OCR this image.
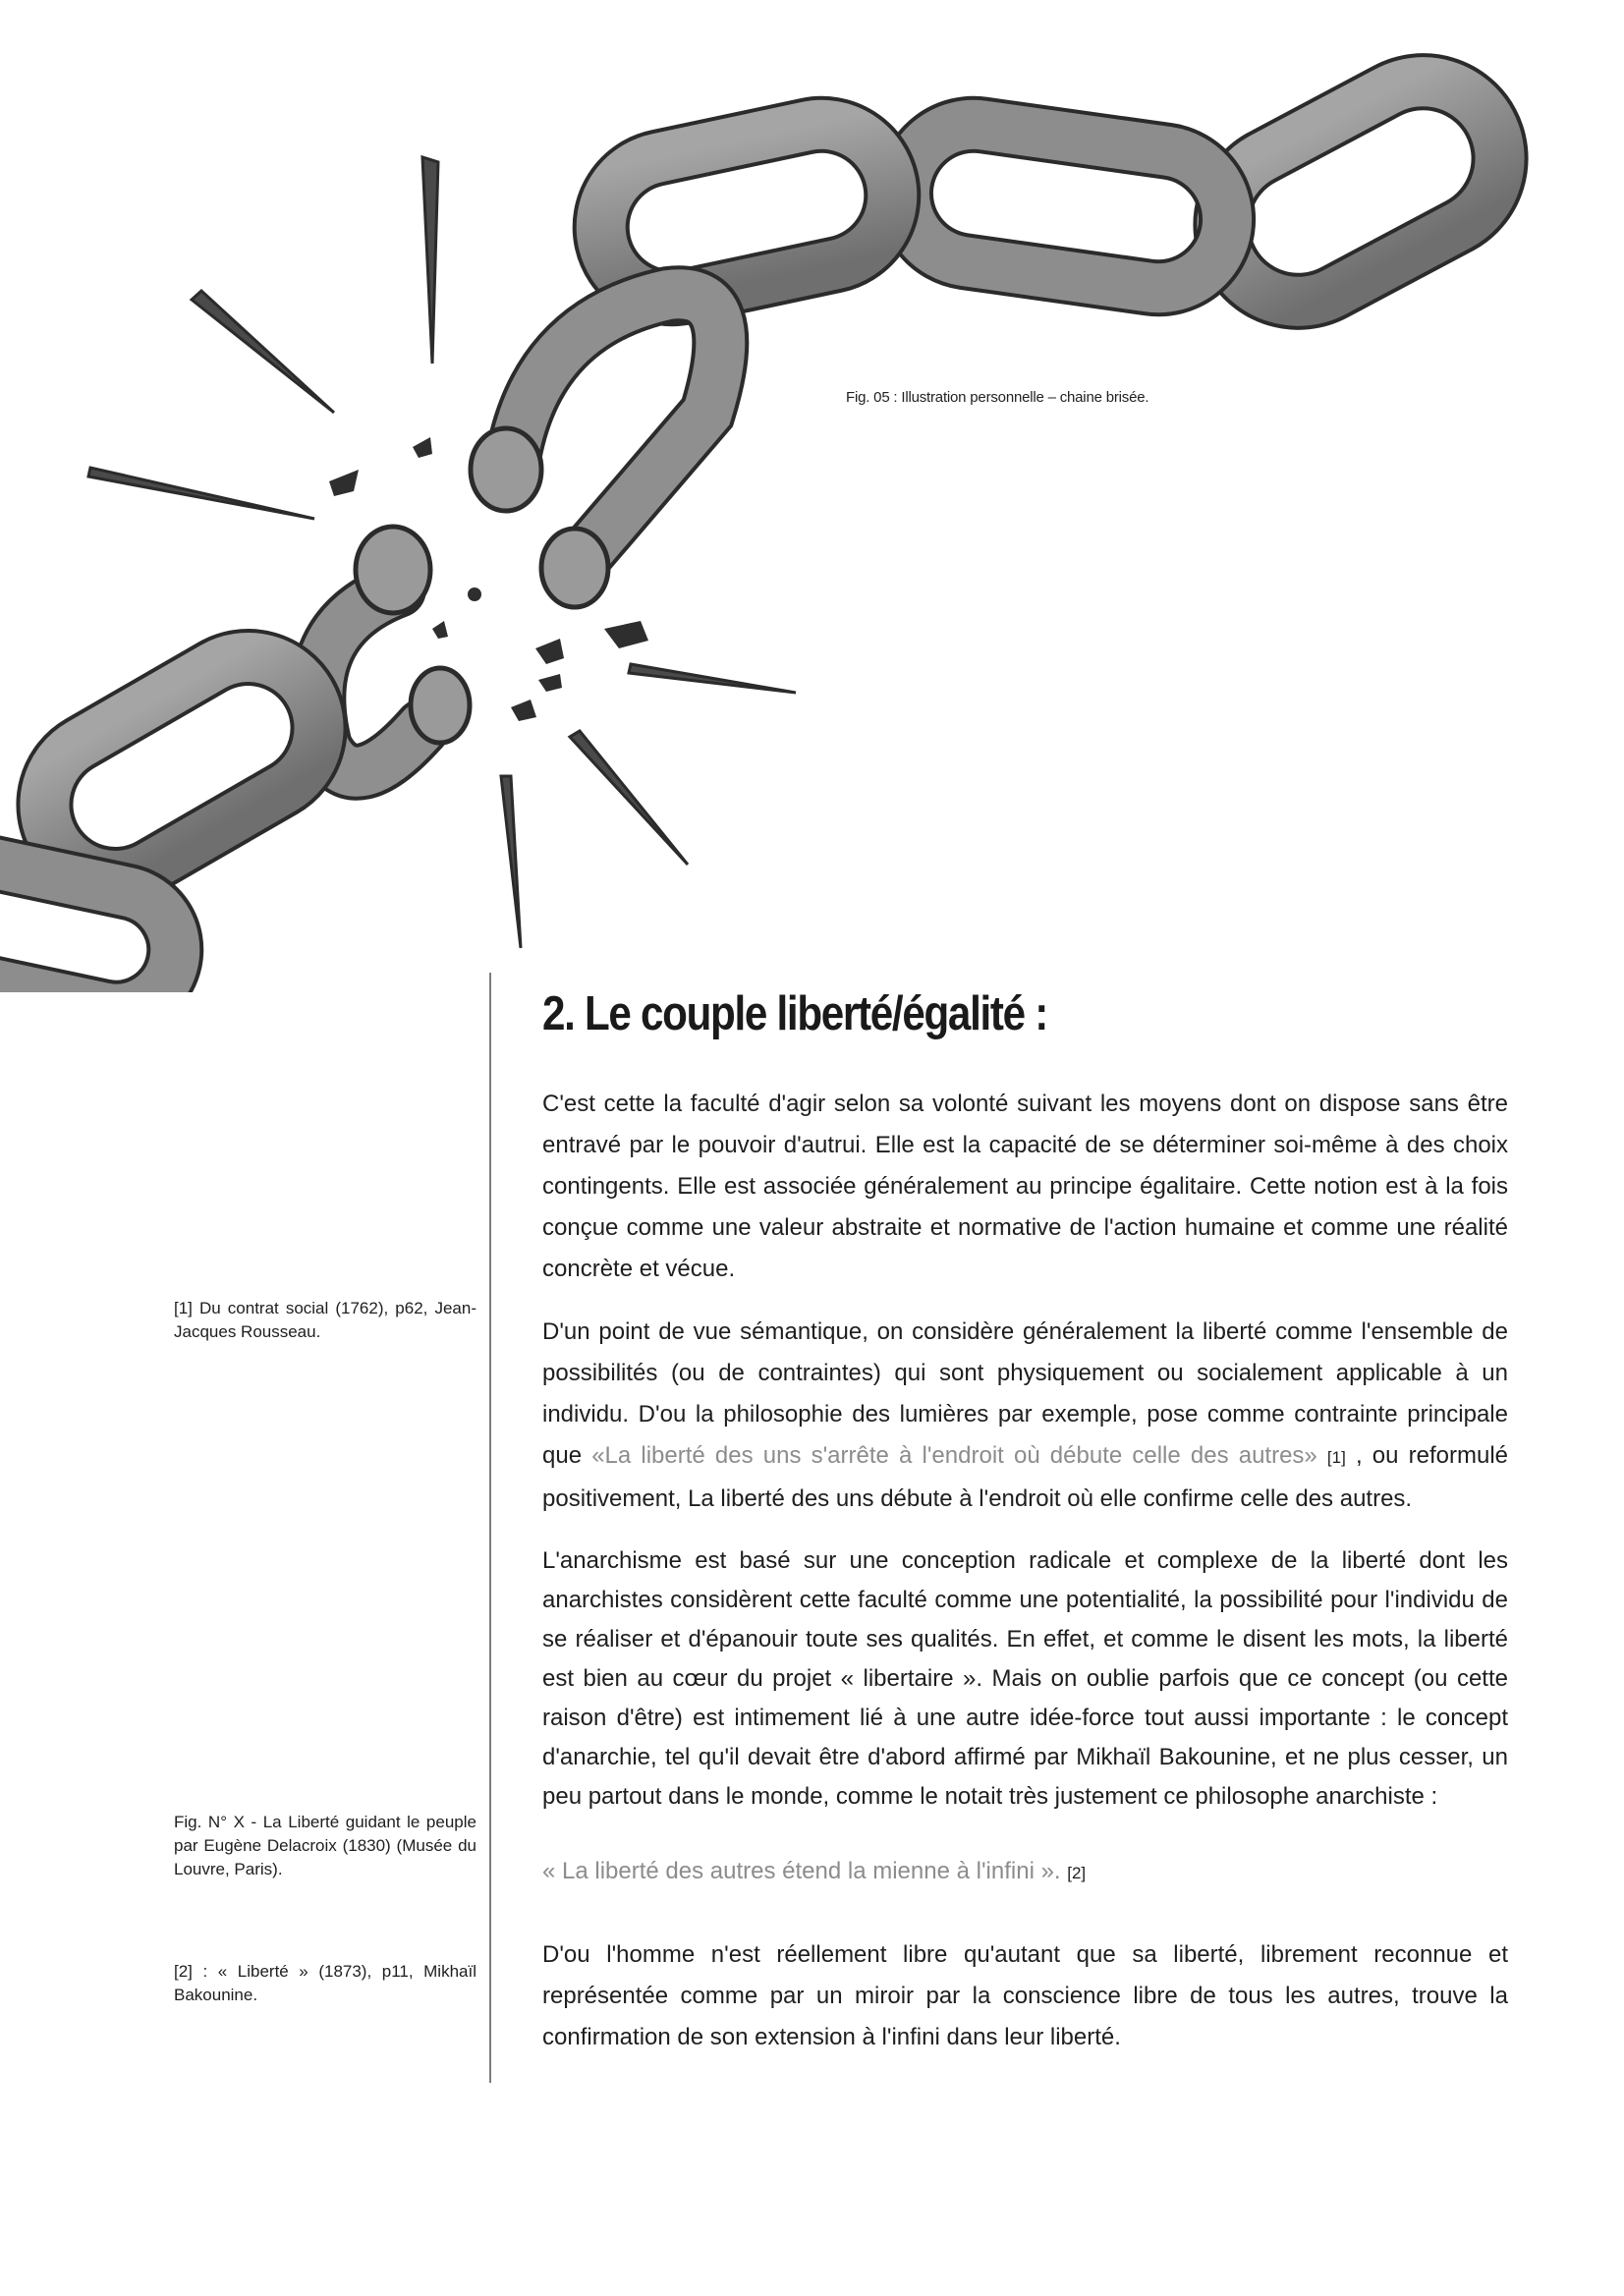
Fig. 05 : Illustration personnelle – chaine brisée.
[1] Du contrat social (1762), p62, Jean-Jacques Rousseau.
Fig. N° X - La Liberté guidant le peuple par Eugène Delacroix (1830) (Musée du Louvre, Paris).
[2] : « Liberté » (1873), p11, Mikhaïl Bakounine.
2. Le couple liberté/égalité :

C'est cette la faculté d'agir selon sa volonté suivant les moyens dont on dispose sans être entravé par le pouvoir d'autrui. Elle est la capacité de se déterminer soi-même à des choix contingents. Elle est associée généralement au principe égalitaire. Cette notion est à la fois conçue comme une valeur abstraite et normative de l'action humaine et comme une réalité concrète et vécue.

D'un point de vue sémantique, on considère généralement la liberté comme l'ensemble de possibilités (ou de contraintes) qui sont physiquement ou socialement applicable à un individu. D'ou la philosophie des lumières par exemple, pose comme contrainte principale que «La liberté des uns s'arrête à l'endroit où débute celle des autres» [1] , ou reformulé positivement, La liberté des uns débute à l'endroit où elle confirme celle des autres.

L'anarchisme est basé sur une conception radicale et complexe de la liberté dont les anarchistes considèrent cette faculté comme une potentialité, la possibilité pour l'individu de se réaliser et d'épanouir toute ses qualités. En effet, et comme le disent les mots, la liberté est bien au cœur du projet « libertaire ». Mais on oublie parfois que ce concept (ou cette raison d'être) est intimement lié à une autre idée-force tout aussi importante : le concept d'anarchie, tel qu'il devait être d'abord affirmé par Mikhaïl Bakounine, et ne plus cesser, un peu partout dans le monde, comme le notait très justement ce philosophe anarchiste :

« La liberté des autres étend la mienne à l'infini ». [2]

D'ou l'homme n'est réellement libre qu'autant que sa liberté, librement reconnue et représentée comme par un miroir par la conscience libre de tous les autres, trouve la confirmation de son extension à l'infini dans leur liberté.
